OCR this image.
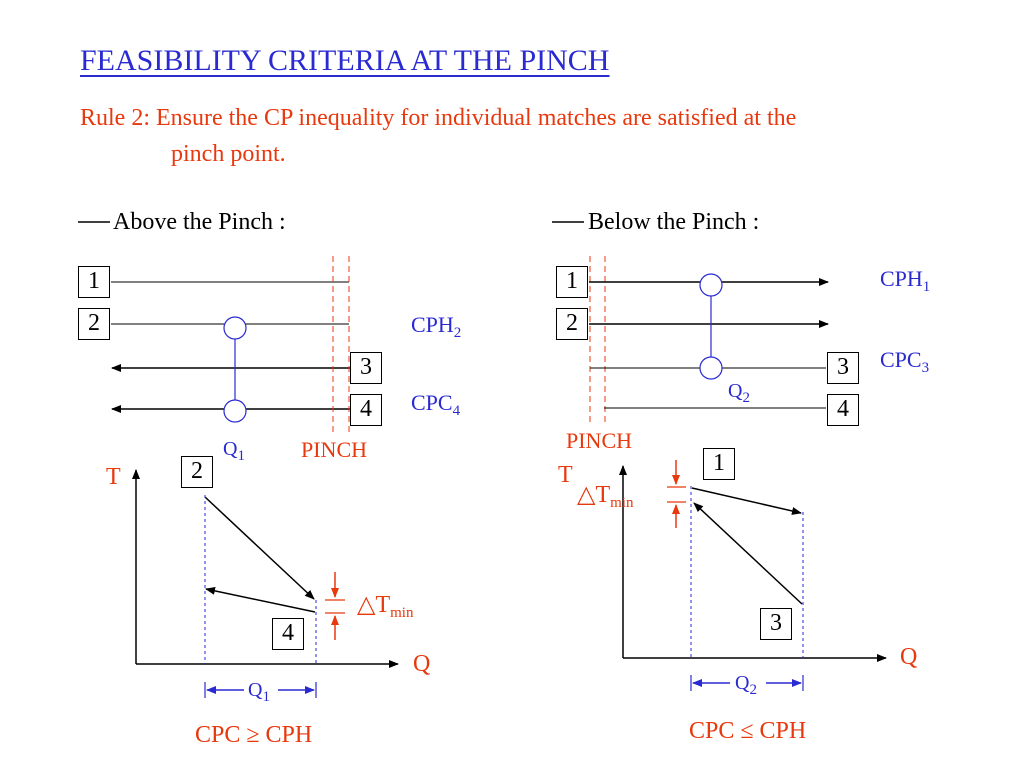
FEASIBILITY CRITERIA AT THE PINCH
Rule 2: Ensure the CP inequality for individual matches are satisfied at the
pinch point.
Above the Pinch :	Below the Pinch :
1
2
3
4
$CPH_2$
$CPC_4$
$Q_1$	PINCH
1
2
3
4
$CPH_1$
$CPC_3$
$Q_2$
PINCH
T
Q
2
4
$\triangle T_{min}$
$Q_1$
CPC ≥ CPH
T
Q
1
3
$\triangle T_{min}$
$Q_2$
CPC ≤ CPH
